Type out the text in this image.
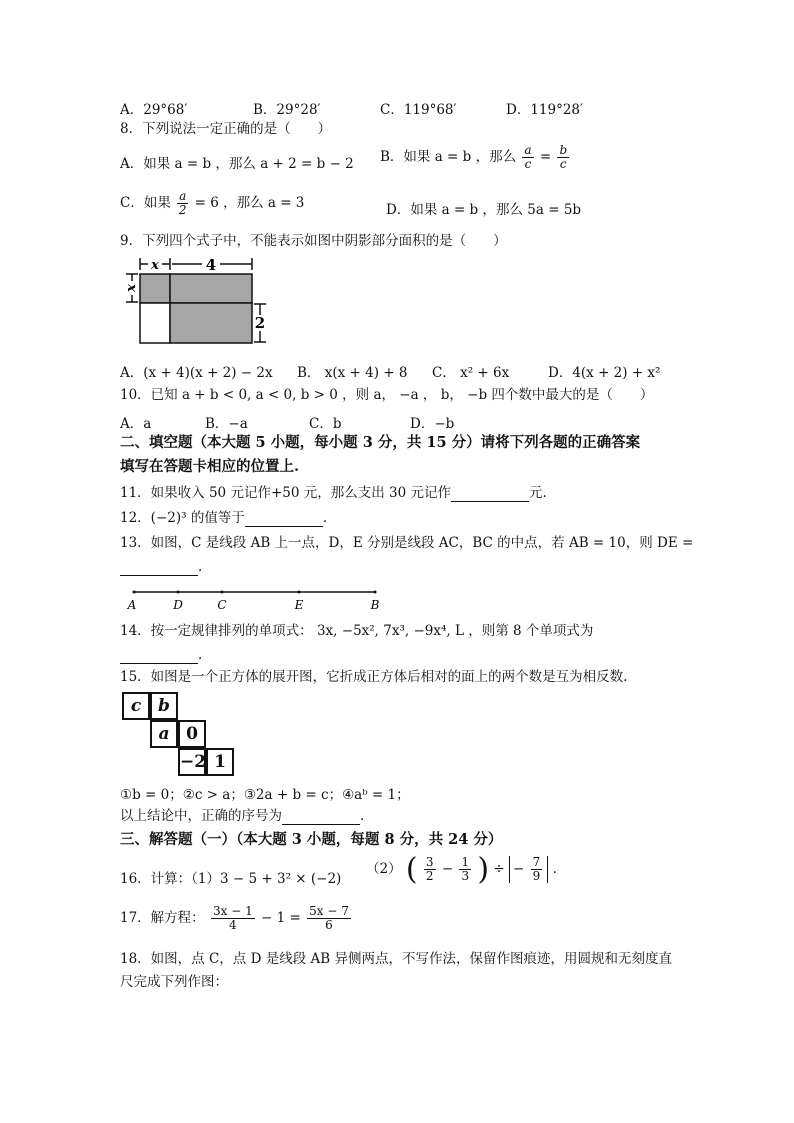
A．29°68′	B．29°28′	C．119°68′	D．119°28′
8．下列说法一定正确的是（　　）
A．如果 a = b ，那么 a + 2 = b − 2 B．如果 a = b ，那么 $\frac{a}{c} = \frac{b}{c}$
C．如果 $\frac{a}{2} = 6$ ，那么 a = 3	D．如果 a = b ，那么 5a = 5b
9．下列四个式子中，不能表示如图中阴影部分面积的是（　　）
x	4
x
2
A．(x + 4)(x + 2) − 2x B． x(x + 4) + 8 C． x² + 6x	D．4(x + 2) + x²
10．已知 a + b < 0, a < 0, b > 0 ，则 a， −a ， b， −b 四个数中最大的是（　　）
A．a	B．−a	C．b	D．−b
二、填空题（本大题 5 小题，每小题 3 分，共 15 分）请将下列各题的正确答案
填写在答题卡相应的位置上.
11．如果收入 50 元记作+50 元，那么支出 30 元记作	元.
12．(−2)³ 的值等于	.
13．如图，C 是线段 AB 上一点，D，E 分别是线段 AC，BC 的中点，若 AB = 10，则 DE =
.
A	D	C	E	B
14．按一定规律排列的单项式： 3x, −5x², 7x³, −9x⁴, L ，则第 8 个单项式为
.
15．如图是一个正方体的展开图，它折成正方体后相对的面上的两个数是互为相反数.
c b
a 0
−2 1
①b = 0；②c > a；③2a + b = c；④aᵇ = 1；
以上结论中，正确的序号为	.
三、解答题（一）（本大题 3 小题，每题 8 分，共 24 分）
16．计算：（1）3 − 5 + 3² × (−2)
（2） ( $\frac{3}{2} - \frac{1}{3}$ ) ÷ − $\frac{7}{9}$ .
17．解方程： $\frac{3x - 1}{4} - 1 = \frac{5x - 7}{6}$
18．如图，点 C，点 D 是线段 AB 异侧两点，不写作法，保留作图痕迹，用圆规和无刻度直
尺完成下列作图：
